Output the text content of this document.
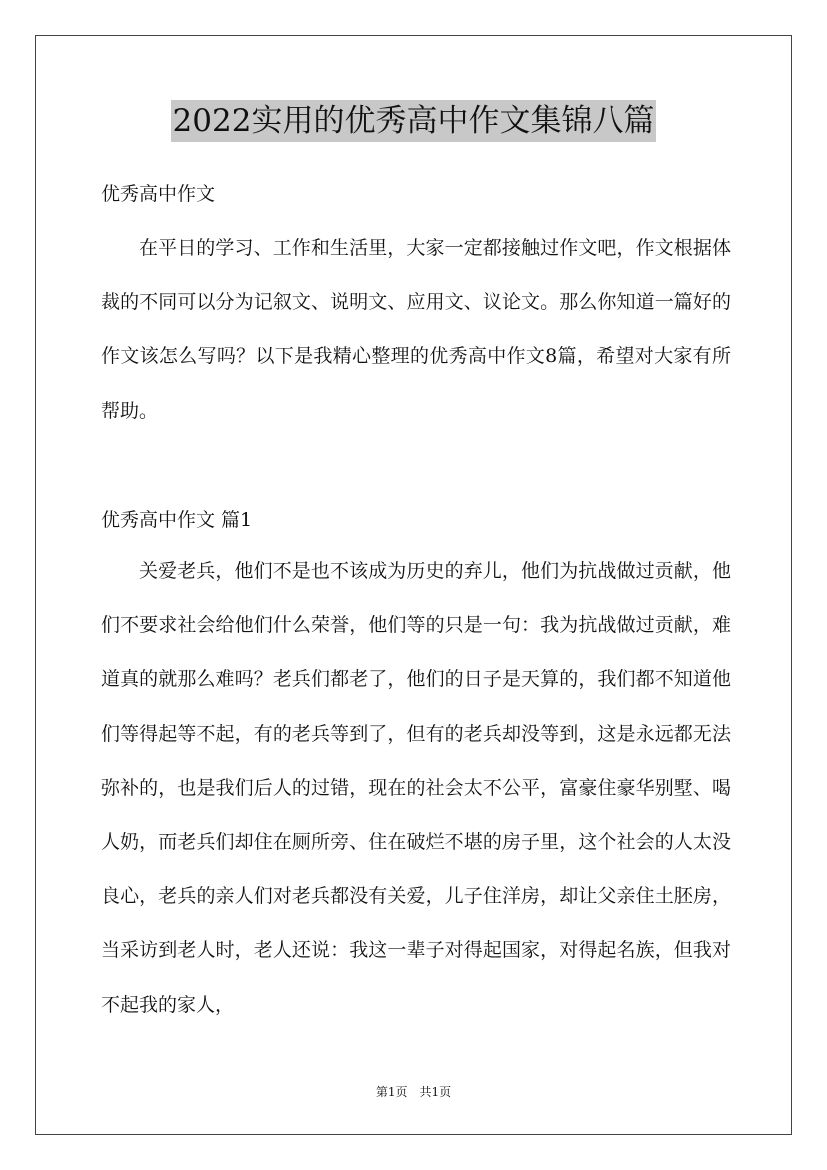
2022实用的优秀高中作文集锦八篇
优秀高中作文
在平日的学习、工作和生活里，大家一定都接触过作文吧，作文根据体裁的不同可以分为记叙文、说明文、应用文、议论文。那么你知道一篇好的作文该怎么写吗？以下是我精心整理的优秀高中作文8篇，希望对大家有所帮助。
优秀高中作文 篇1
关爱老兵，他们不是也不该成为历史的弃儿，他们为抗战做过贡献，他们不要求社会给他们什么荣誉，他们等的只是一句：我为抗战做过贡献，难道真的就那么难吗？老兵们都老了，他们的日子是天算的，我们都不知道他们等得起等不起，有的老兵等到了，但有的老兵却没等到，这是永远都无法弥补的，也是我们后人的过错，现在的社会太不公平，富豪住豪华别墅、喝人奶，而老兵们却住在厕所旁、住在破烂不堪的房子里，这个社会的人太没良心，老兵的亲人们对老兵都没有关爱，儿子住洋房，却让父亲住土胚房，当采访到老人时，老人还说：我这一辈子对得起国家，对得起名族，但我对不起我的家人，
第1页 共1页
